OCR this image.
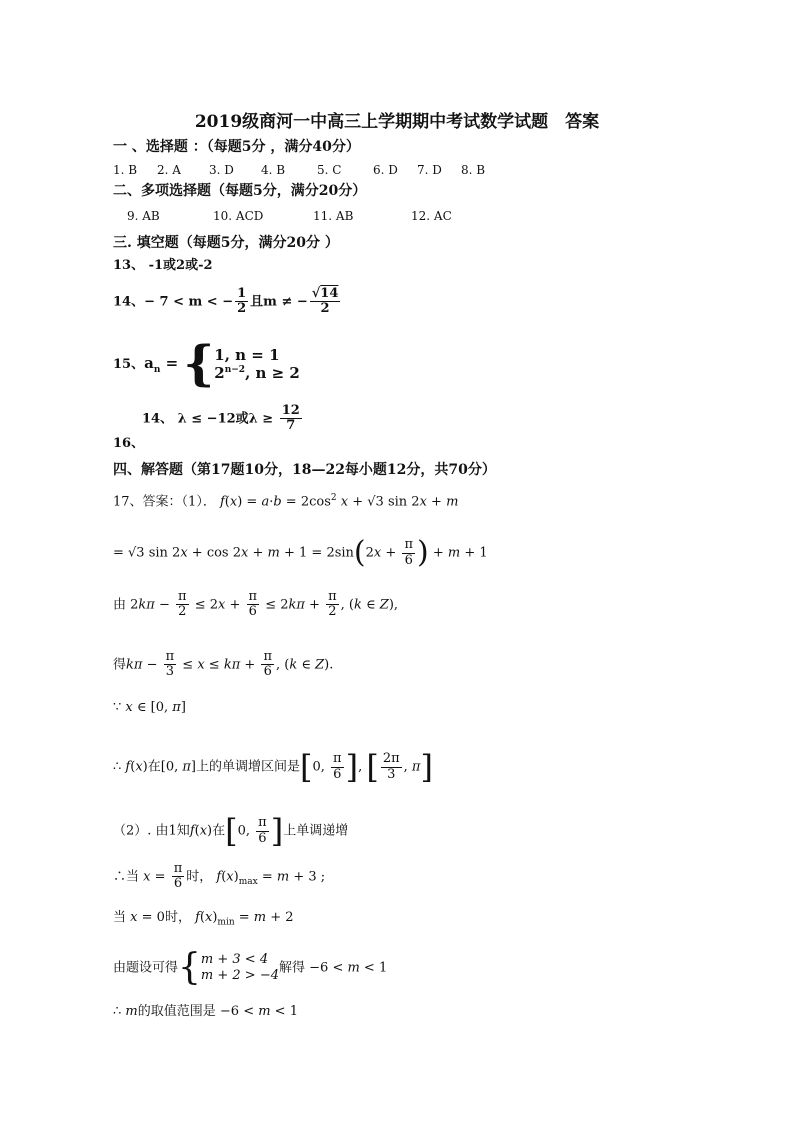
2019级商河一中高三上学期期中考试数学试题　答案
一 、选择题 ：（每题5分 ，满分40分）
1. B 2. A 3. D 4. B	5. C	6. D 7. D 8. B
二、多项选择题（每题5分，满分20分）
9. AB	10. ACD	11. AB	12. AC
三. 填空题（每题5分，满分20分 ）
13、 -1或2或-2
14、− 7 < m < − $\frac{1}{2}$ 且m ≠ − $\frac{√14}{2}$
15、$a_n$ = { 1, n = 1
$2^{n-2}$, n ≥ 2
14、 λ ≤ −12或$\lambda \ge \frac{12}{7}$
16、
四、解答题（第17题10分，18—22每小题12分，共70分）
17、答案：（1）． $f(x) = a\cdot b = 2\cos^2$ x + √3 sin 2x + m
= √3 $\sin 2x + \cos 2x + m + 1 = 2\sin(2x + \frac{\pi}{6}$ ) + m + 1
由 $2k\pi - \frac{\pi}{2} \le 2x + \frac{\pi}{6} \le 2k\pi + \frac{\pi}{2}$ , (k ∈ Z),
得$k\pi - \frac{\pi}{3} \le x \le k\pi + \frac{\pi}{6}$ , (k ∈ Z).
∵ x ∈ [0, π]
∴ f(x)在[0, π]上的单调增区间是[0, $\frac{\pi}{6}$ ], [ $\frac{2\pi}{3}$ , π]
（2）. 由1知f(x)在[0, $\frac{\pi}{6}$ ]上单调递增
∴当 $x = \frac{\pi}{6}$ 时， $f(x)_{max} = m + 3$ ;
当 x = 0时， $f(x)_{min} = m + 2$
由题设可得{ m + 3 < 4
m + 2 > −4 解得 −6 < m < 1
∴ m的取值范围是 −6 < m < 1
